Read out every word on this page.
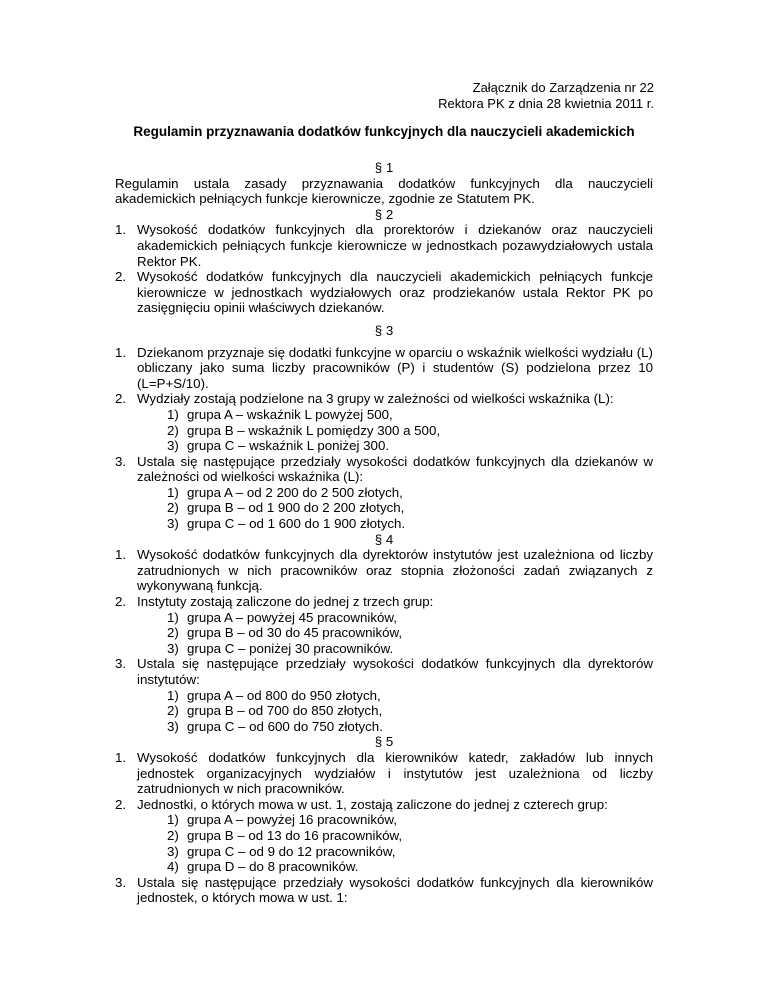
Załącznik do Zarządzenia nr 22
Rektora PK z dnia 28 kwietnia 2011 r.
Regulamin przyznawania dodatków funkcyjnych dla nauczycieli akademickich
§ 1

Regulamin ustala zasady przyznawania dodatków funkcyjnych dla nauczycieli akademickich pełniących funkcje kierownicze, zgodnie ze Statutem PK.

§ 2
1. Wysokość dodatków funkcyjnych dla prorektorów i dziekanów oraz nauczycieli akademickich pełniących funkcje kierownicze w jednostkach pozawydziałowych ustala Rektor PK.
2. Wysokość dodatków funkcyjnych dla nauczycieli akademickich pełniących funkcje kierownicze w jednostkach wydziałowych oraz prodziekanów ustala Rektor PK po zasięgnięciu opinii właściwych dziekanów.
§ 3
1. Dziekanom przyznaje się dodatki funkcyjne w oparciu o wskaźnik wielkości wydziału (L) obliczany jako suma liczby pracowników (P) i studentów (S) podzielona przez 10 (L=P+S/10).
2. Wydziały zostają podzielone na 3 grupy w zależności od wielkości wskaźnika (L):
1) grupa A – wskaźnik L powyżej 500,
2) grupa B – wskaźnik L pomiędzy 300 a 500,
3) grupa C – wskaźnik L poniżej 300.
3. Ustala się następujące przedziały wysokości dodatków funkcyjnych dla dziekanów w zależności od wielkości wskaźnika (L):
1) grupa A – od 2 200 do 2 500 złotych,
2) grupa B – od 1 900 do 2 200 złotych,
3) grupa C – od 1 600 do 1 900 złotych.
§ 4
1. Wysokość dodatków funkcyjnych dla dyrektorów instytutów jest uzależniona od liczby zatrudnionych w nich pracowników oraz stopnia złożoności zadań związanych z wykonywaną funkcją.
2. Instytuty zostają zaliczone do jednej z trzech grup:
1) grupa A – powyżej 45 pracowników,
2) grupa B – od 30 do 45 pracowników,
3) grupa C – poniżej 30 pracowników.
3. Ustala się następujące przedziały wysokości dodatków funkcyjnych dla dyrektorów instytutów:
1) grupa A – od 800 do 950 złotych,
2) grupa B – od 700 do 850 złotych,
3) grupa C – od 600 do 750 złotych.
§ 5
1. Wysokość dodatków funkcyjnych dla kierowników katedr, zakładów lub innych jednostek organizacyjnych wydziałów i instytutów jest uzależniona od liczby zatrudnionych w nich pracowników.
2. Jednostki, o których mowa w ust. 1, zostają zaliczone do jednej z czterech grup:
1) grupa A – powyżej 16 pracowników,
2) grupa B – od 13 do 16 pracowników,
3) grupa C – od 9 do 12 pracowników,
4) grupa D – do 8 pracowników.
3. Ustala się następujące przedziały wysokości dodatków funkcyjnych dla kierowników jednostek, o których mowa w ust. 1:
